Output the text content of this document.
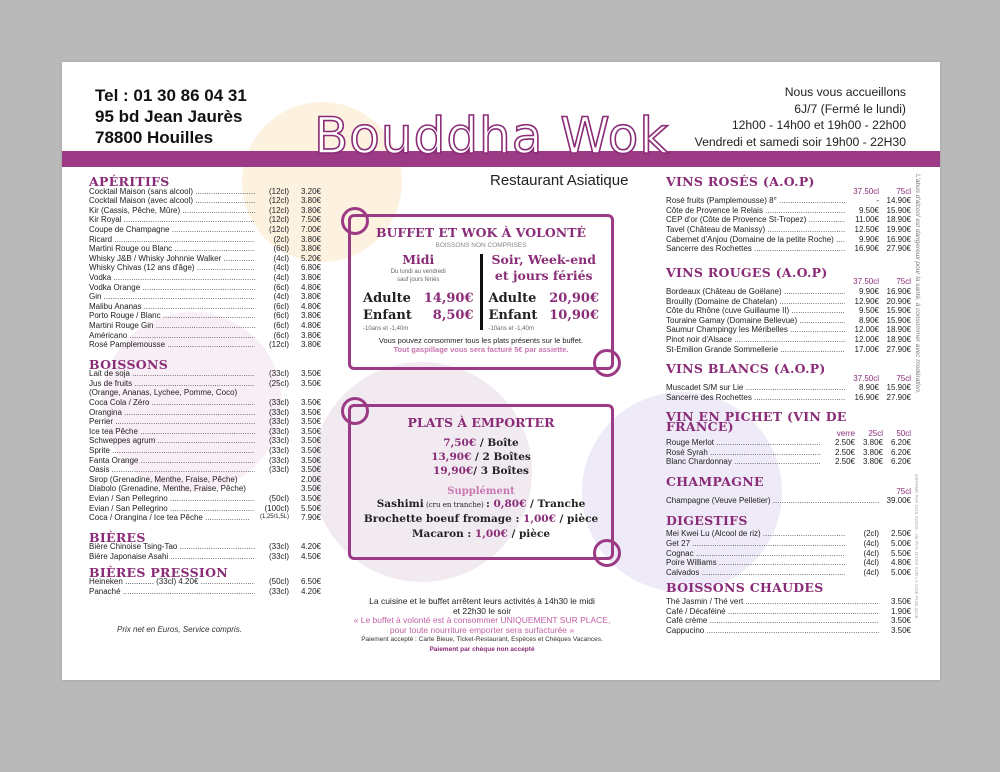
Tel : 01 30 86 04 31
95 bd Jean Jaurès
78800 Houilles	Bouddha Wok
Restaurant Asiatique
Nous vous accueillons
6J/7 (Fermé le lundi)
12h00 - 14h00 et 19h00 - 22h00
Vendredi et samedi soir 19h00 - 22H30
APÉRITIFS
Cocktail Maison (sans alcool) .....	(12cl)	3.20€
Cocktail Maison (avec alcool) .....	(12cl)	3.80€
Kir (Cassis, Pêche, Mûre) .....	(12cl)	3.80€
Kir Royal .....	(12cl)	7.50€
Coupe de Champagne .....	(12cl)	7.00€
Ricard .....	(2cl)	3.80€
Martini Rouge ou Blanc .....	(6cl)	3.80€
Whisky J&B / Whisky Johnnie Walker .....	(4cl)	5.20€
Whisky Chivas (12 ans d'âge) .....	(4cl)	6.80€
Vodka .....	(4cl)	3.80€
Vodka Orange .....	(6cl)	4.80€
Gin .....	(4cl)	3.80€
Malibu Ananas .....	(6cl)	4.80€
Porto Rouge / Blanc .....	(6cl)	3.80€
Martini Rouge Gin .....	(6cl)	4.80€
Américano .....	(6cl)	3.80€
Rosé Pamplemousse .....	(12cl)	3.80€
BOISSONS
Lait de soja .....	(33cl)	3.50€
Jus de fruits .....	(25cl)	3.50€
(Orange, Ananas, Lychee, Pomme, Coco)
Coca Cola / Zéro .....	(33cl)	3.50€
Orangina .....	(33cl)	3.50€
Perrier .....	(33cl)	3.50€
Ice tea Pêche .....	(33cl)	3.50€
Schweppes agrum .....	(33cl)	3.50€
Sprite .....	(33cl)	3.50€
Fanta Orange .....	(33cl)	3.50€
Oasis .....	(33cl)	3.50€
Sirop (Grenadine, Menthe, Fraise, Pêche)	2.00€
Diabolo (Grenadine, Menthe, Fraise, Pêche)	3.50€
Evian / San Pellegrino .....	(50cl)	3.50€
Evian / San Pellegrino .....	(100cl)	5.50€
Coca / Orangina / Ice tea Pêche .....	(1,25/1,5L)	7.90€
BIÈRES
Bière Chinoise Tsing-Tao .....	(33cl)	4.20€
Bière Japonaise Asahi .....	(33cl)	4.50€
BIÈRES PRESSION
Heineken ............. (33cl) 4.20€ .....	(50cl)	6.50€
Panaché .....	(33cl)	4.20€
Prix net en Euros, Service compris.
BUFFET ET WOK À VOLONTÉ
BOISSONS NON COMPRISES
Midi
Du lundi au vendredi
sauf jours fériés
Adulte 14,90€
Enfant 8,50€
-10ans et -1,40m
Soir, Week-end
et jours fériés
Adulte 20,90€
Enfant 10,90€
-10ans et -1,40m
Vous pouvez consommer tous les plats présents sur le buffet.
Tout gaspillage vous sera facturé 5€ par assiette.
PLATS À EMPORTER
7,50€ / Boîte
13,90€ / 2 Boîtes
19,90€/ 3 Boîtes
Supplément
Sashimi (cru en tranche) : 0,80€ / Tranche
Brochette boeuf fromage : 1,00€ / pièce
Macaron : 1,00€ / pièce
La cuisine et le buffet arrêtent leurs activités à 14h30 le midi
et 22h30 le soir
« Le buffet à volonté est à consommer UNIQUEMENT SUR PLACE,
pour toute nourriture emporter sera surfacturée »
Paiement accepté : Carte Bleue, Ticket-Restaurant, Espèces et Chèques Vacances.
Paiement par chèque non accepté
VINS ROSÉS (A.O.P)
37.50cl	75cl
Rosé fruits (Pamplemousse) 8° .....	- 14.90€
Côte de Provence le Relais .....	9.50€ 15.90€
CEP d'or (Côte de Provence St-Tropez) .....	11.00€ 18.90€
Tavel (Château de Manissy) .....	12.50€ 19.90€
Cabernet d'Anjou (Domaine de la petite Roche) .....	9.90€ 16.90€
Sancerre des Rochettes .....	16.90€ 27.90€
VINS ROUGES (A.O.P)
37.50cl	75cl
Bordeaux (Château de Goëlane) .....	9.90€ 16.90€
Brouilly (Domaine de Chatelan) .....	12.90€ 20.90€
Côte du Rhône (cuve Guillaume II) .....	9.50€ 15.90€
Touraine Gamay (Domaine Bellevue) .....	8.90€ 15.90€
Saumur Champingy les Méribelles .....	12.00€ 18.90€
Pinot noir d'Alsace .....	12.00€ 18.90€
St-Emilion Grande Sommellerie .....	17.00€ 27.90€
VINS BLANCS (A.O.P)
37.50cl	75cl
Muscadet S/M sur Lie .....	8.90€ 15.90€
Sancerre des Rochettes .....	16.90€ 27.90€
VIN EN PICHET (VIN DE FRANCE)	verre	25cl	50cl
Rouge Merlot .....	2.50€ 3.80€ 6.20€
Rosé Syrah .....	2.50€ 3.80€ 6.20€
Blanc Chardonnay .....	2.50€ 3.80€ 6.20€
CHAMPAGNE
75cl
Champagne (Veuve Pelletier) .....	39.00€
DIGESTIFS
Mei Kwei Lu (Alcool de riz) .....	(2cl)	2.50€
Get 27 .....	(4cl)	5.00€
Cognac .....	(4cl)	5.50€
Poire Williams .....	(4cl)	4.80€
Calvados .....	(4cl)	5.00€
BOISSONS CHAUDES
Thé Jasmin / Thé vert .....	3.50€
Café / Décaféiné .....	1.90€
Café crème .....	3.50€
Cappucino .....	3.50€
L'abus d'alcool est dangereux pour la santé, à consommer avec modération.
IMPRIMÉ PAR NOS SOINS - NE PAS JETER SUR LA VOIE PUBLIQUE
